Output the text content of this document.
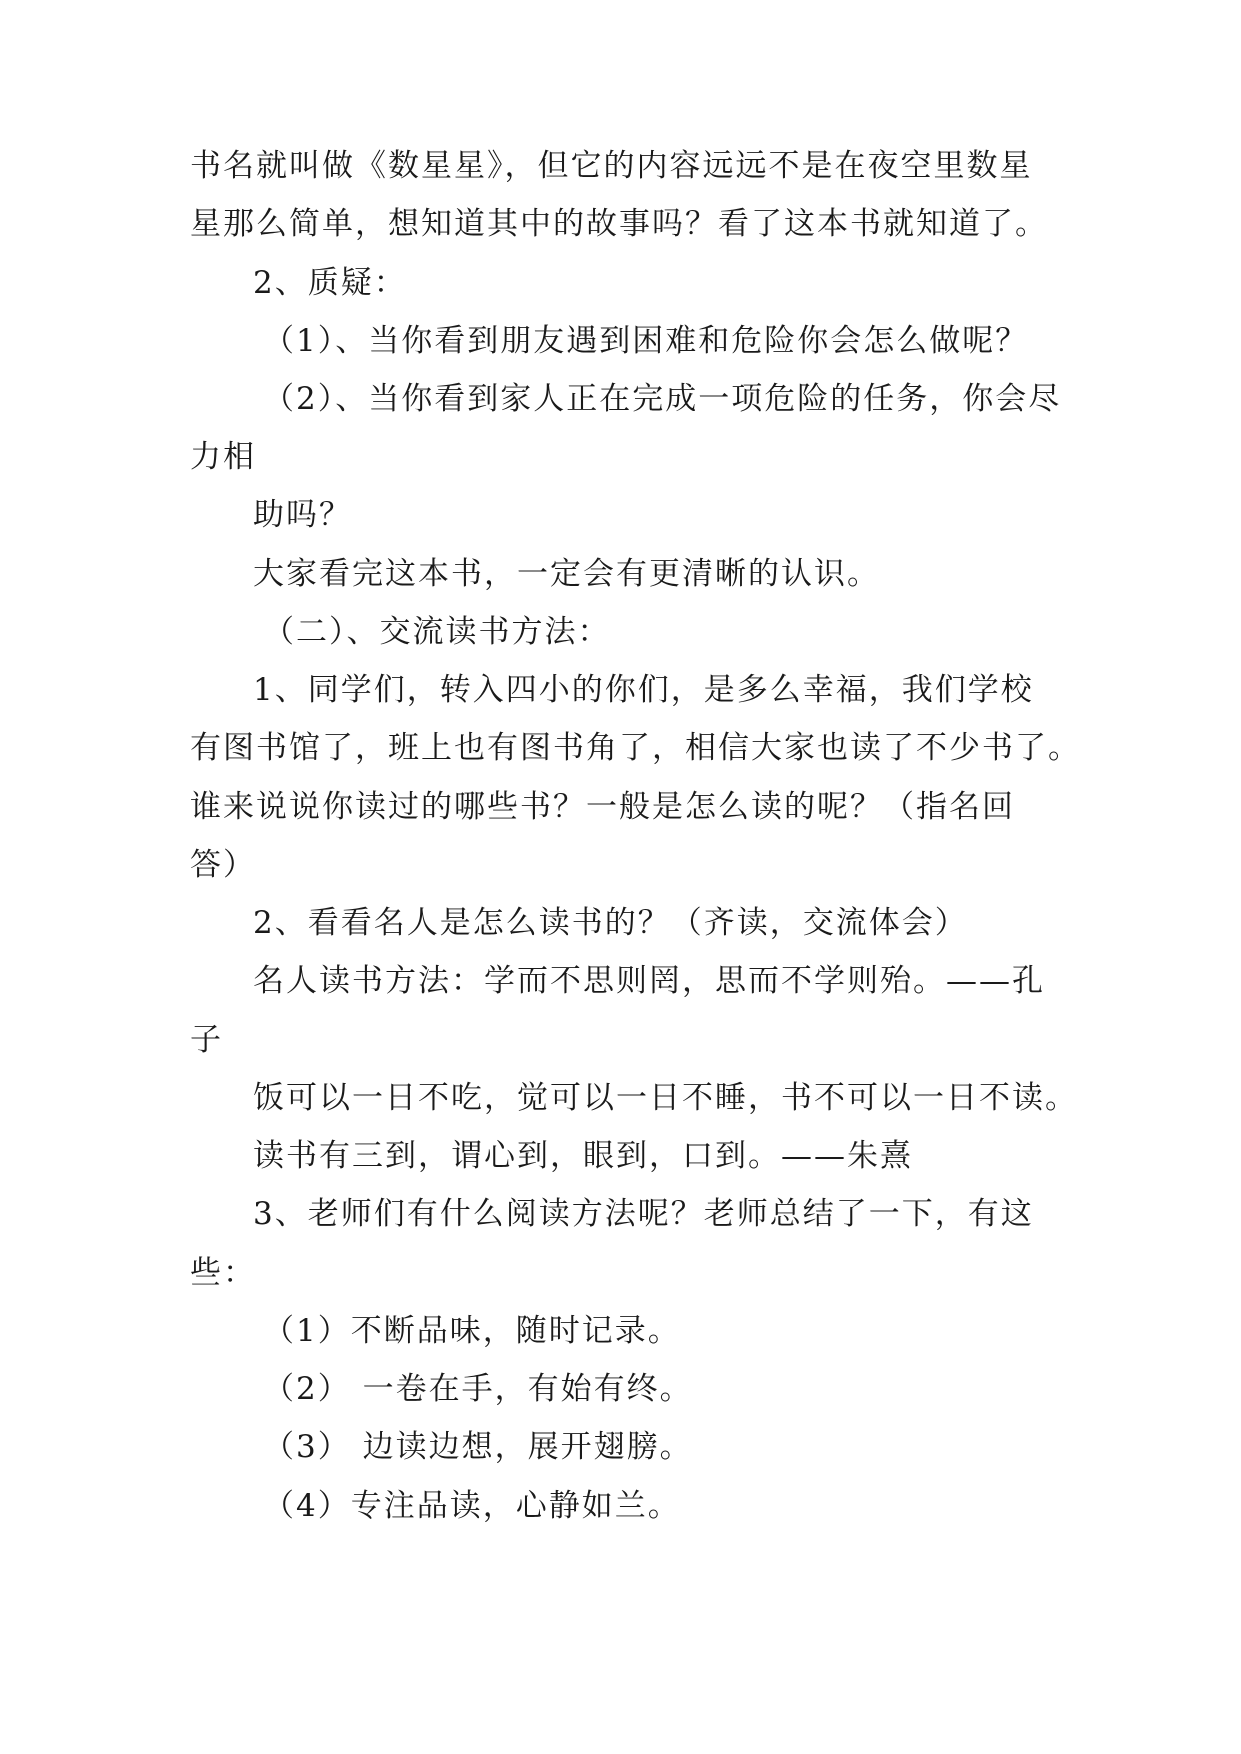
书名就叫做《数星星》，但它的内容远远不是在夜空里数星
星那么简单，想知道其中的故事吗？看了这本书就知道了。
2、质疑：
（1）、当你看到朋友遇到困难和危险你会怎么做呢？
（2）、当你看到家人正在完成一项危险的任务，你会尽
力相
助吗？
大家看完这本书，一定会有更清晰的认识。
（二）、交流读书方法：
1、同学们，转入四小的你们，是多么幸福，我们学校
有图书馆了，班上也有图书角了，相信大家也读了不少书了。
谁来说说你读过的哪些书？一般是怎么读的呢？（指名回
答）
2、看看名人是怎么读书的？（齐读，交流体会）
名人读书方法：学而不思则罔，思而不学则殆。——孔
子
饭可以一日不吃，觉可以一日不睡，书不可以一日不读。
读书有三到，谓心到，眼到，口到。——朱熹
3、老师们有什么阅读方法呢？老师总结了一下，有这
些：
（1）不断品味，随时记录。
（2） 一卷在手，有始有终。
（3） 边读边想，展开翅膀。
（4）专注品读，心静如兰。
